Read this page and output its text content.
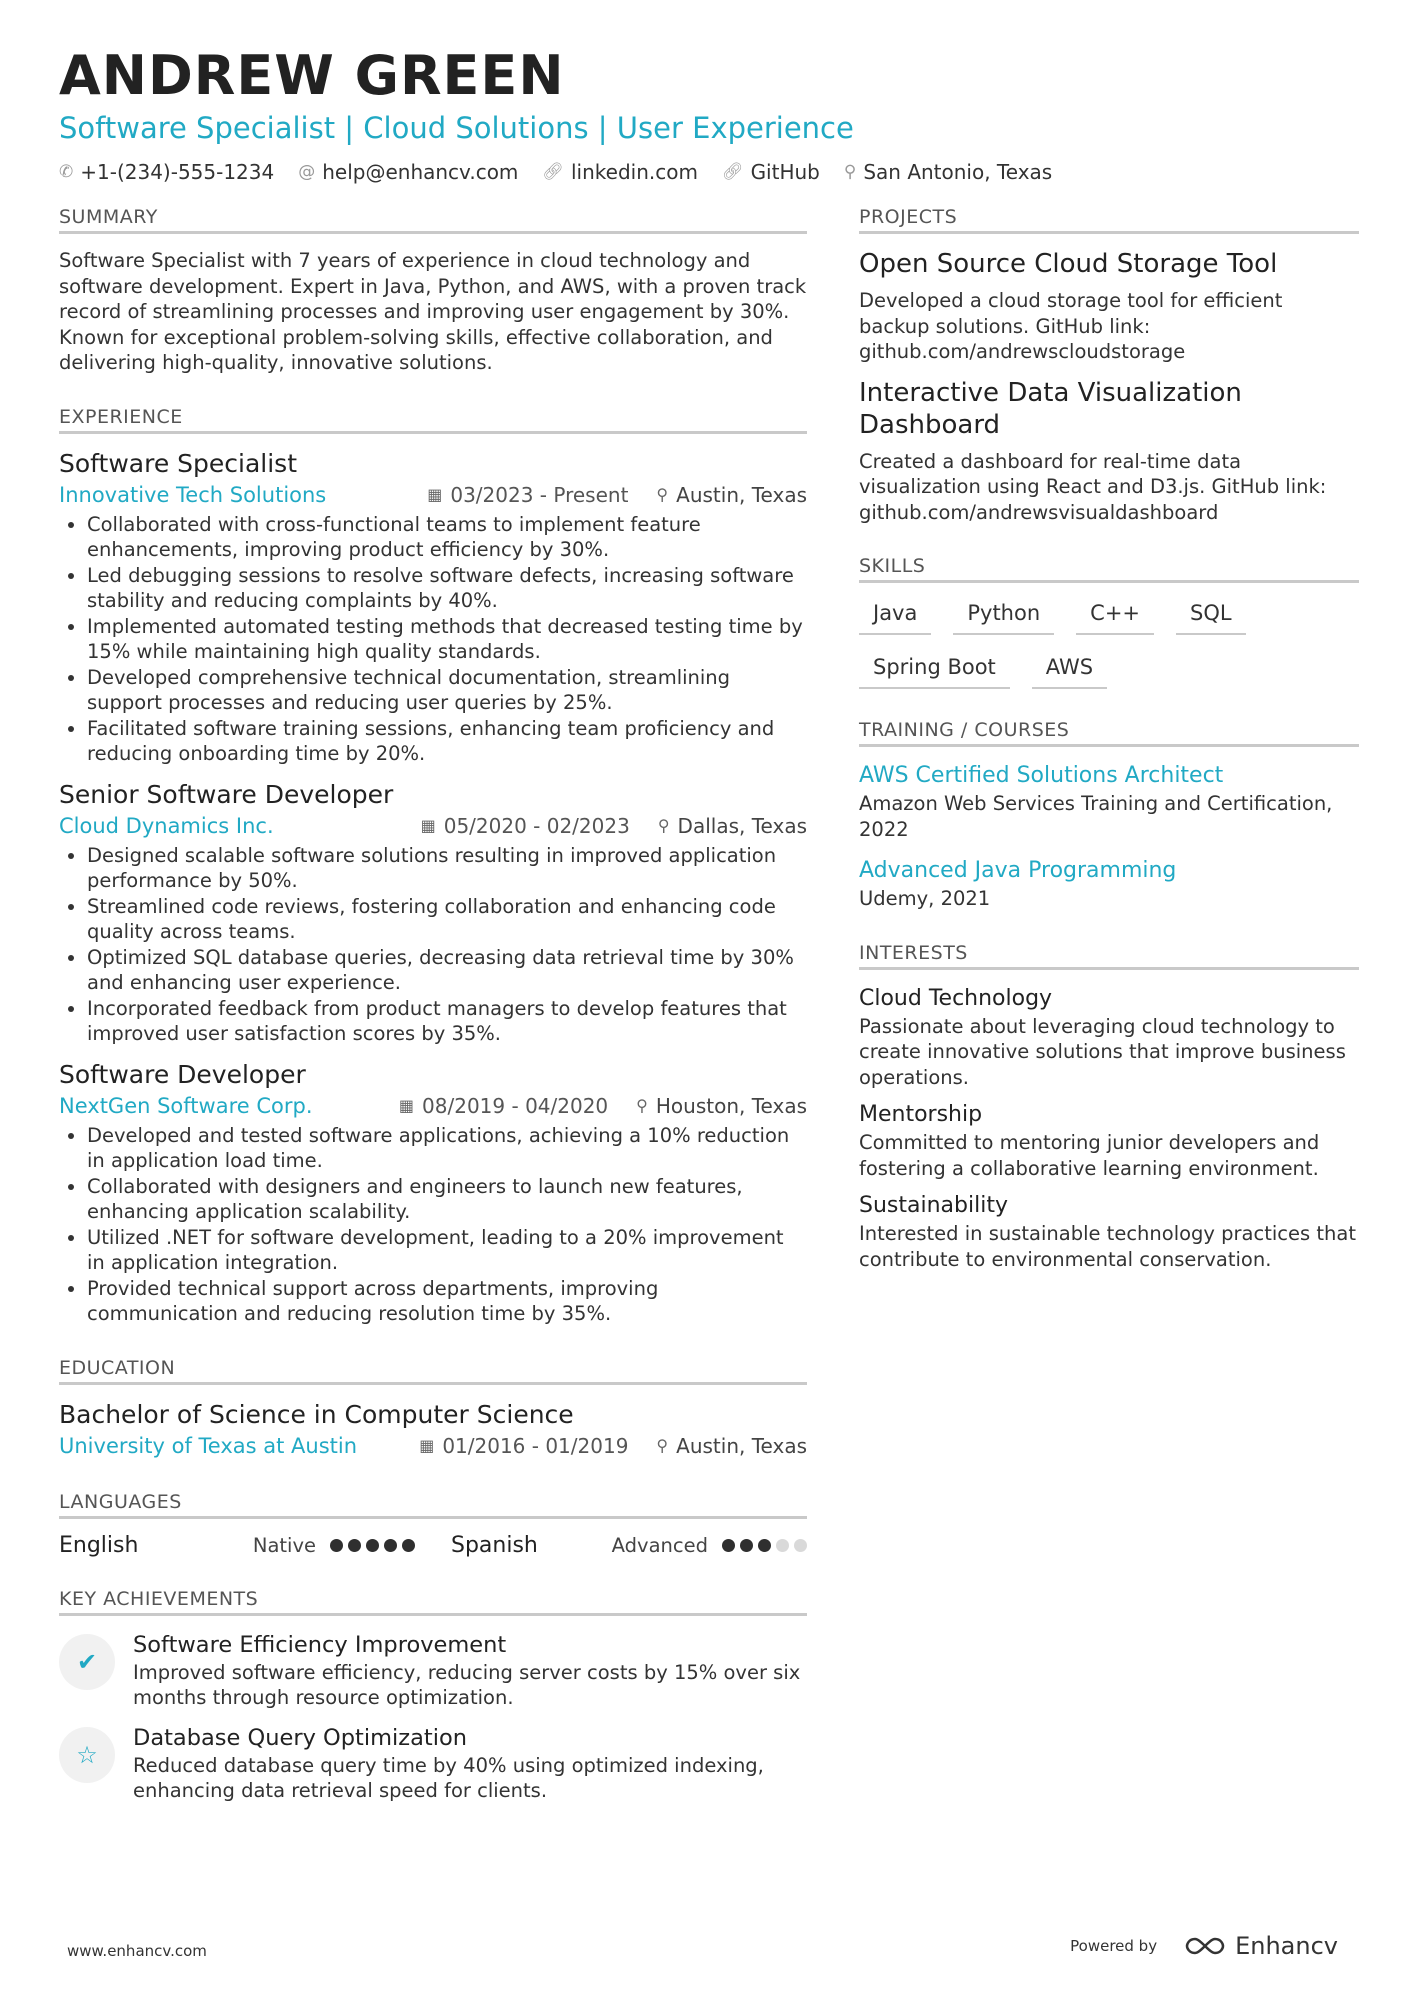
ANDREW GREEN
Software Specialist | Cloud Solutions | User Experience
✆ +1-(234)-555-1234 @ help@enhancv.com 🔗︎ linkedin.com 🔗︎ GitHub ⚲ San Antonio, Texas
SUMMARY
Software Specialist with 7 years of experience in cloud technology and software development. Expert in Java, Python, and AWS, with a proven track record of streamlining processes and improving user engagement by 30%. Known for exceptional problem-solving skills, effective collaboration, and delivering high-quality, innovative solutions.
EXPERIENCE
Software Specialist
Innovative Tech Solutions	▦ 03/2023 - Present ⚲ Austin, Texas
• Collaborated with cross-functional teams to implement feature enhancements, improving product efficiency by 30%.
• Led debugging sessions to resolve software defects, increasing software stability and reducing complaints by 40%.
• Implemented automated testing methods that decreased testing time by 15% while maintaining high quality standards.
• Developed comprehensive technical documentation, streamlining support processes and reducing user queries by 25%.
• Facilitated software training sessions, enhancing team proficiency and reducing onboarding time by 20%.
Senior Software Developer
Cloud Dynamics Inc.	▦ 05/2020 - 02/2023 ⚲ Dallas, Texas
• Designed scalable software solutions resulting in improved application performance by 50%.
• Streamlined code reviews, fostering collaboration and enhancing code quality across teams.
• Optimized SQL database queries, decreasing data retrieval time by 30% and enhancing user experience.
• Incorporated feedback from product managers to develop features that improved user satisfaction scores by 35%.
Software Developer
NextGen Software Corp.	▦ 08/2019 - 04/2020 ⚲ Houston, Texas
• Developed and tested software applications, achieving a 10% reduction in application load time.
• Collaborated with designers and engineers to launch new features, enhancing application scalability.
• Utilized .NET for software development, leading to a 20% improvement in application integration.
• Provided technical support across departments, improving communication and reducing resolution time by 35%.
EDUCATION
Bachelor of Science in Computer Science
University of Texas at Austin	▦ 01/2016 - 01/2019 ⚲ Austin, Texas
LANGUAGES
English	Native	Spanish	Advanced
KEY ACHIEVEMENTS
✔
Software Efficiency Improvement
Improved software efficiency, reducing server costs by 15% over six months through resource optimization.
☆
Database Query Optimization
Reduced database query time by 40% using optimized indexing, enhancing data retrieval speed for clients.
PROJECTS
Open Source Cloud Storage Tool
Developed a cloud storage tool for efficient backup solutions. GitHub link: github.com/andrewscloudstorage
Interactive Data Visualization Dashboard
Created a dashboard for real-time data visualization using React and D3.js. GitHub link: github.com/andrewsvisualdashboard
SKILLS
Java	Python	C++	SQL
Spring Boot	AWS
TRAINING / COURSES
AWS Certified Solutions Architect
Amazon Web Services Training and Certification, 2022
Advanced Java Programming
Udemy, 2021
INTERESTS
Cloud Technology
Passionate about leveraging cloud technology to create innovative solutions that improve business operations.
Mentorship
Committed to mentoring junior developers and fostering a collaborative learning environment.
Sustainability
Interested in sustainable technology practices that contribute to environmental conservation.
www.enhancv.com	Powered by	Enhancv
